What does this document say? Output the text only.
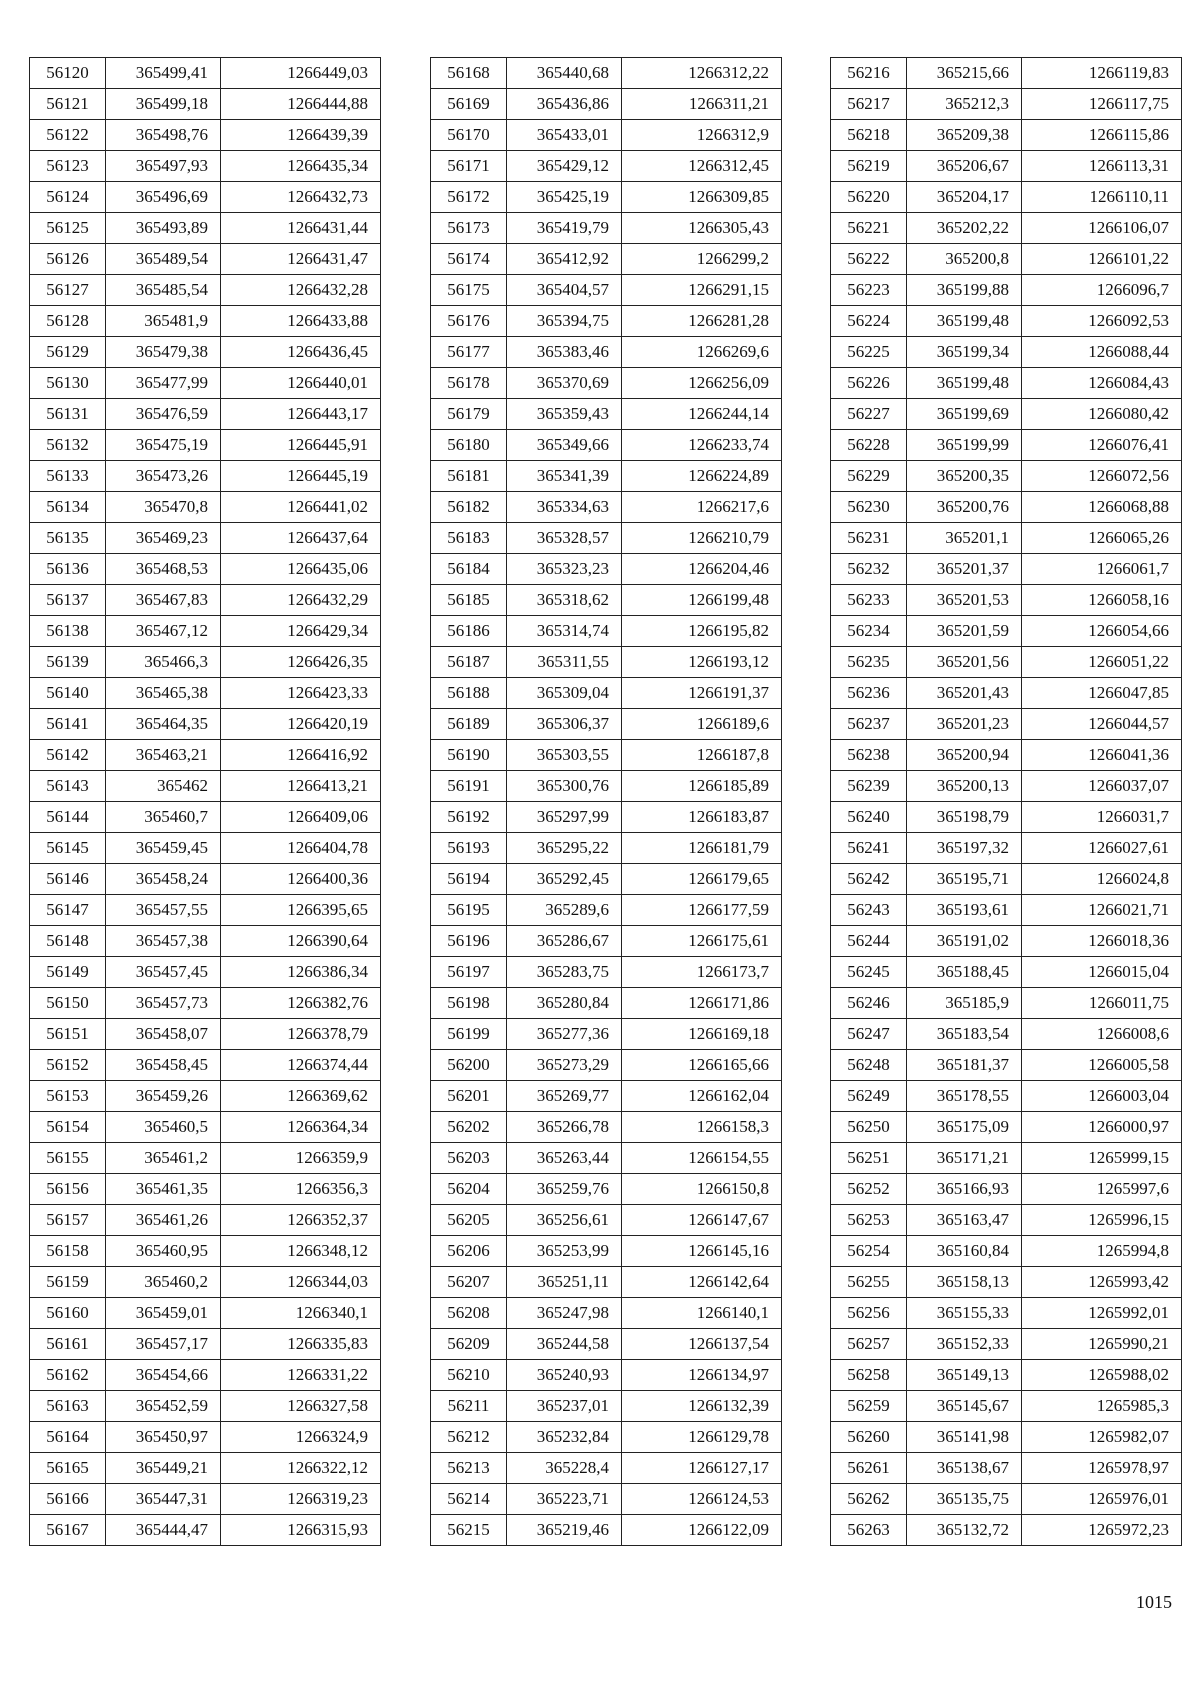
56120	365499,41	1266449,03
56121	365499,18	1266444,88
56122	365498,76	1266439,39
56123	365497,93	1266435,34
56124	365496,69	1266432,73
56125	365493,89	1266431,44
56126	365489,54	1266431,47
56127	365485,54	1266432,28
56128	365481,9	1266433,88
56129	365479,38	1266436,45
56130	365477,99	1266440,01
56131	365476,59	1266443,17
56132	365475,19	1266445,91
56133	365473,26	1266445,19
56134	365470,8	1266441,02
56135	365469,23	1266437,64
56136	365468,53	1266435,06
56137	365467,83	1266432,29
56138	365467,12	1266429,34
56139	365466,3	1266426,35
56140	365465,38	1266423,33
56141	365464,35	1266420,19
56142	365463,21	1266416,92
56143	365462	1266413,21
56144	365460,7	1266409,06
56145	365459,45	1266404,78
56146	365458,24	1266400,36
56147	365457,55	1266395,65
56148	365457,38	1266390,64
56149	365457,45	1266386,34
56150	365457,73	1266382,76
56151	365458,07	1266378,79
56152	365458,45	1266374,44
56153	365459,26	1266369,62
56154	365460,5	1266364,34
56155	365461,2	1266359,9
56156	365461,35	1266356,3
56157	365461,26	1266352,37
56158	365460,95	1266348,12
56159	365460,2	1266344,03
56160	365459,01	1266340,1
56161	365457,17	1266335,83
56162	365454,66	1266331,22
56163	365452,59	1266327,58
56164	365450,97	1266324,9
56165	365449,21	1266322,12
56166	365447,31	1266319,23
56167	365444,47	1266315,93
56168	365440,68	1266312,22
56169	365436,86	1266311,21
56170	365433,01	1266312,9
56171	365429,12	1266312,45
56172	365425,19	1266309,85
56173	365419,79	1266305,43
56174	365412,92	1266299,2
56175	365404,57	1266291,15
56176	365394,75	1266281,28
56177	365383,46	1266269,6
56178	365370,69	1266256,09
56179	365359,43	1266244,14
56180	365349,66	1266233,74
56181	365341,39	1266224,89
56182	365334,63	1266217,6
56183	365328,57	1266210,79
56184	365323,23	1266204,46
56185	365318,62	1266199,48
56186	365314,74	1266195,82
56187	365311,55	1266193,12
56188	365309,04	1266191,37
56189	365306,37	1266189,6
56190	365303,55	1266187,8
56191	365300,76	1266185,89
56192	365297,99	1266183,87
56193	365295,22	1266181,79
56194	365292,45	1266179,65
56195	365289,6	1266177,59
56196	365286,67	1266175,61
56197	365283,75	1266173,7
56198	365280,84	1266171,86
56199	365277,36	1266169,18
56200	365273,29	1266165,66
56201	365269,77	1266162,04
56202	365266,78	1266158,3
56203	365263,44	1266154,55
56204	365259,76	1266150,8
56205	365256,61	1266147,67
56206	365253,99	1266145,16
56207	365251,11	1266142,64
56208	365247,98	1266140,1
56209	365244,58	1266137,54
56210	365240,93	1266134,97
56211	365237,01	1266132,39
56212	365232,84	1266129,78
56213	365228,4	1266127,17
56214	365223,71	1266124,53
56215	365219,46	1266122,09
56216	365215,66	1266119,83
56217	365212,3	1266117,75
56218	365209,38	1266115,86
56219	365206,67	1266113,31
56220	365204,17	1266110,11
56221	365202,22	1266106,07
56222	365200,8	1266101,22
56223	365199,88	1266096,7
56224	365199,48	1266092,53
56225	365199,34	1266088,44
56226	365199,48	1266084,43
56227	365199,69	1266080,42
56228	365199,99	1266076,41
56229	365200,35	1266072,56
56230	365200,76	1266068,88
56231	365201,1	1266065,26
56232	365201,37	1266061,7
56233	365201,53	1266058,16
56234	365201,59	1266054,66
56235	365201,56	1266051,22
56236	365201,43	1266047,85
56237	365201,23	1266044,57
56238	365200,94	1266041,36
56239	365200,13	1266037,07
56240	365198,79	1266031,7
56241	365197,32	1266027,61
56242	365195,71	1266024,8
56243	365193,61	1266021,71
56244	365191,02	1266018,36
56245	365188,45	1266015,04
56246	365185,9	1266011,75
56247	365183,54	1266008,6
56248	365181,37	1266005,58
56249	365178,55	1266003,04
56250	365175,09	1266000,97
56251	365171,21	1265999,15
56252	365166,93	1265997,6
56253	365163,47	1265996,15
56254	365160,84	1265994,8
56255	365158,13	1265993,42
56256	365155,33	1265992,01
56257	365152,33	1265990,21
56258	365149,13	1265988,02
56259	365145,67	1265985,3
56260	365141,98	1265982,07
56261	365138,67	1265978,97
56262	365135,75	1265976,01
56263	365132,72	1265972,23
1015
